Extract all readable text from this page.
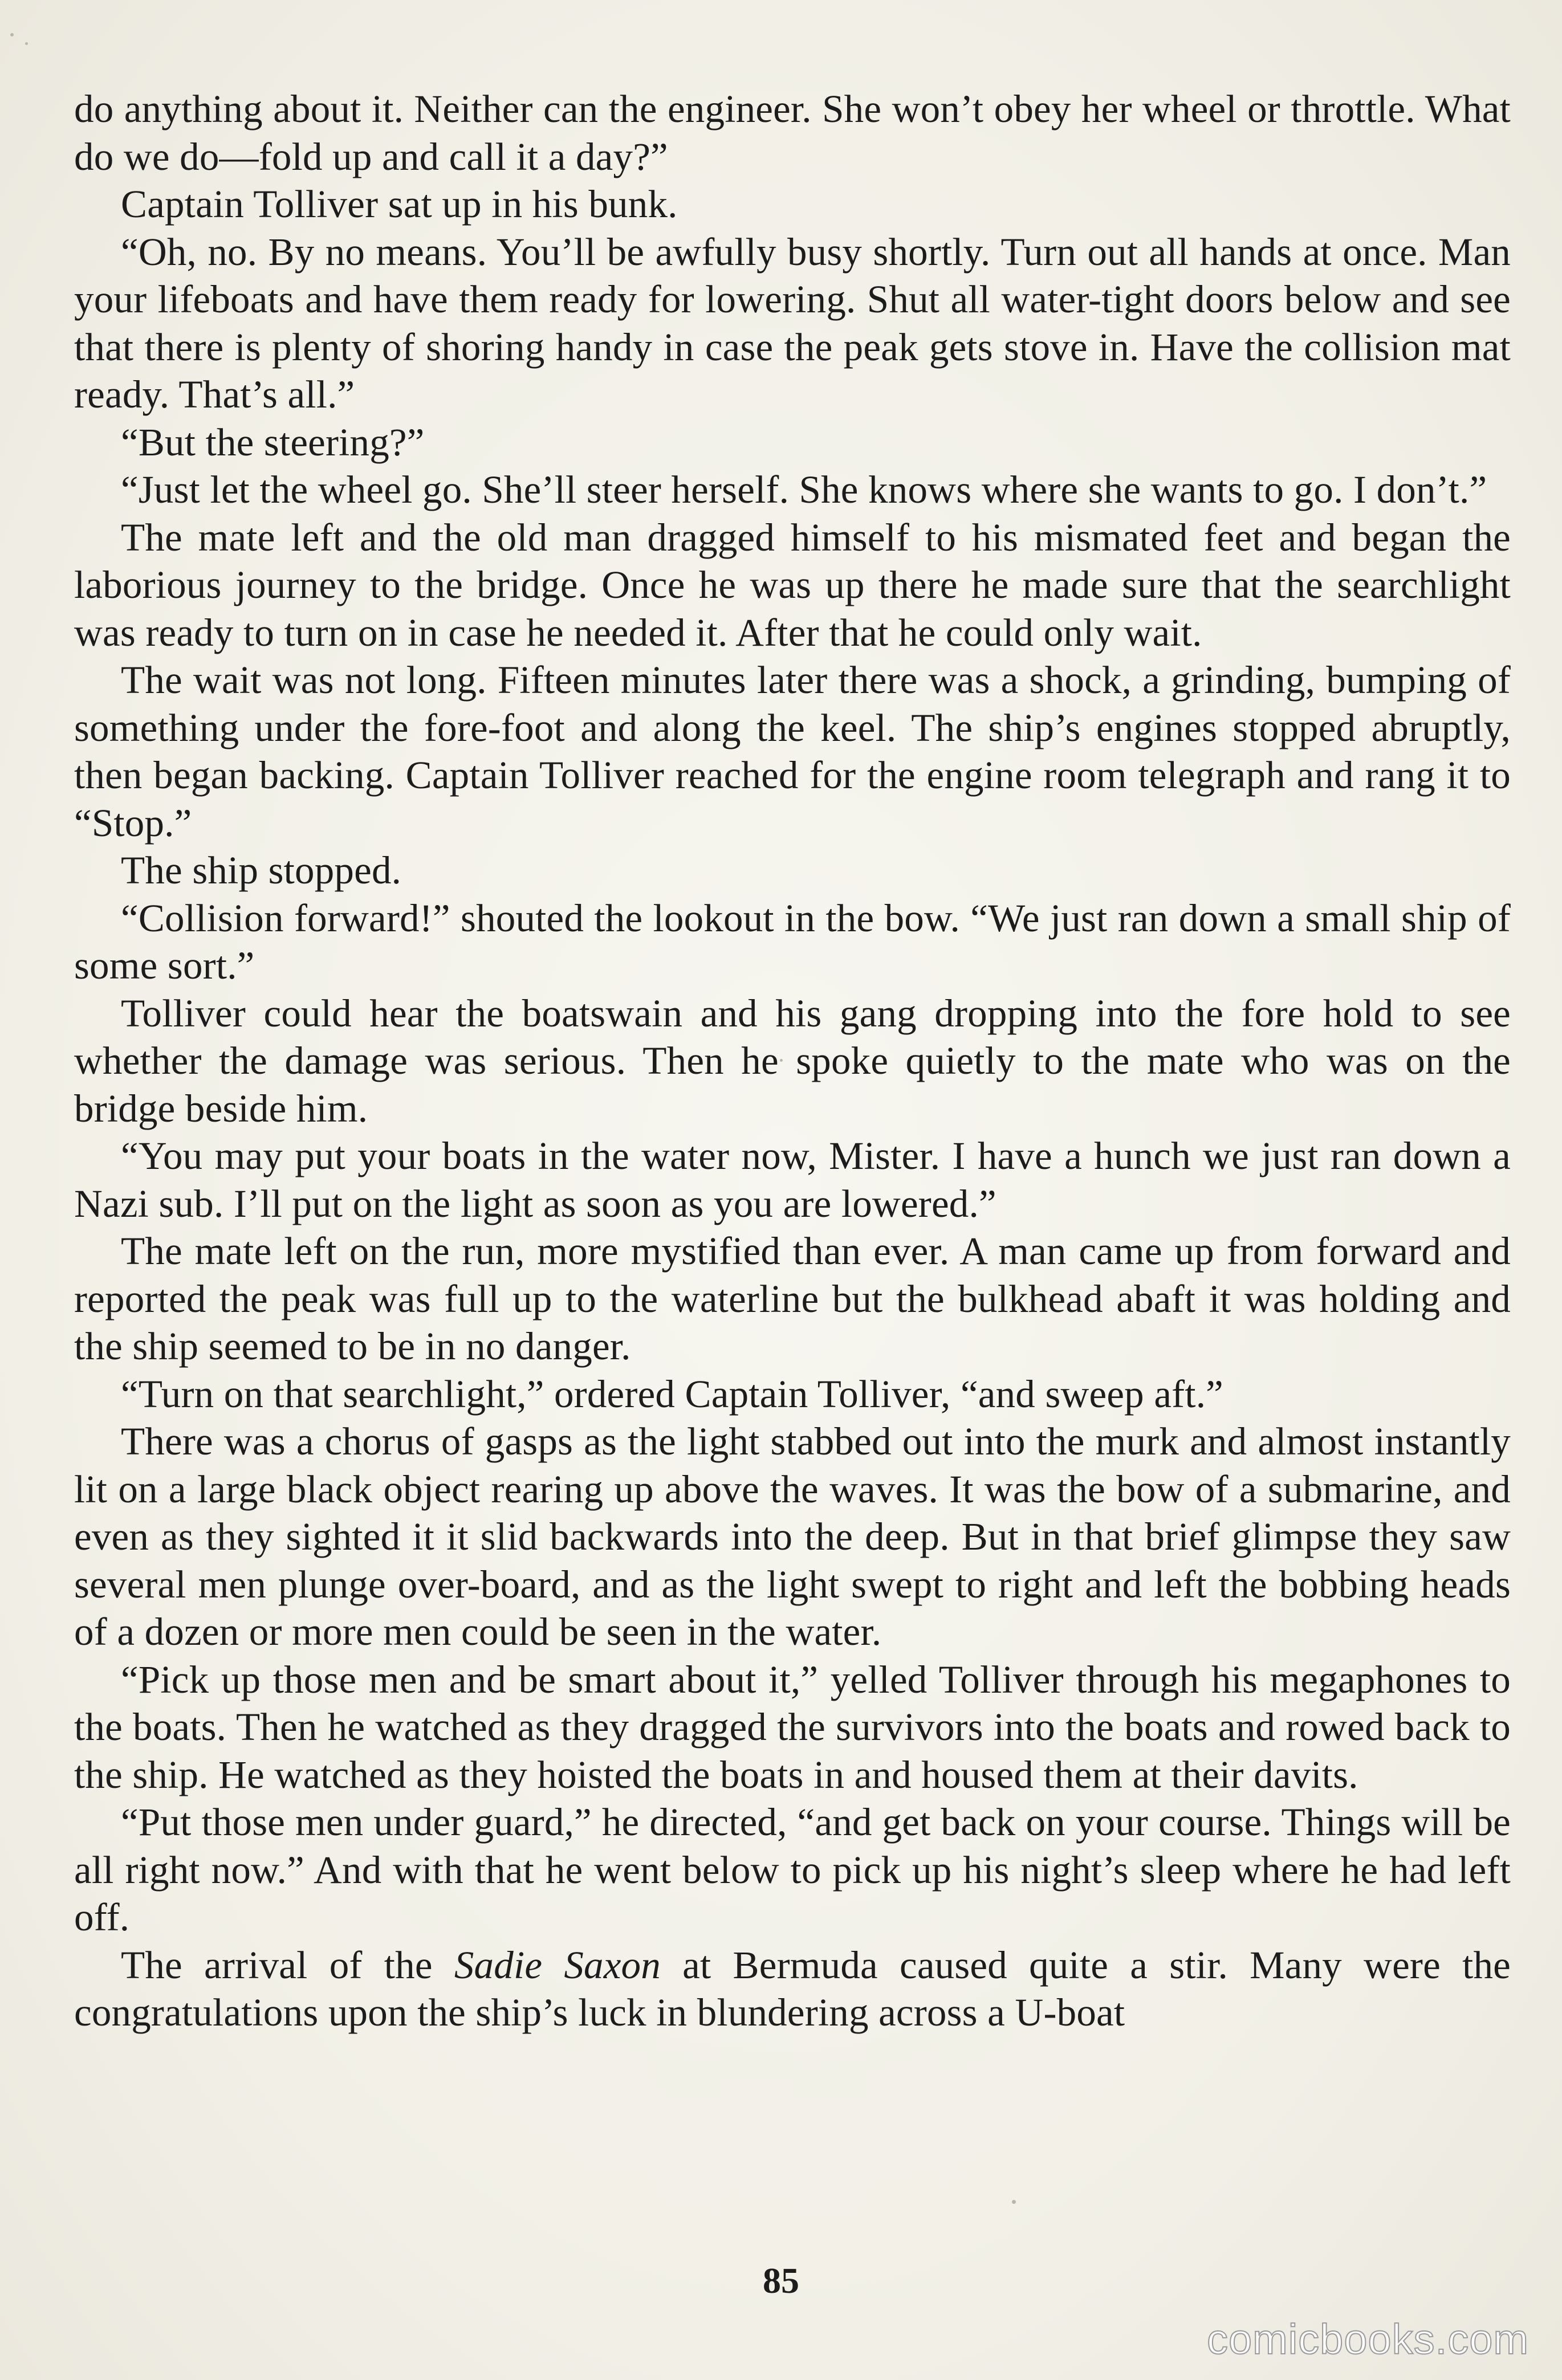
do anything about it. Neither can the engineer. She won’t obey her wheel or throttle. What do we do—fold up and call it a day?”

Captain Tolliver sat up in his bunk.

“Oh, no. By no means. You’ll be awfully busy shortly. Turn out all hands at once. Man your lifeboats and have them ready for lowering. Shut all water-tight doors below and see that there is plenty of shoring handy in case the peak gets stove in. Have the collision mat ready. That’s all.”

“But the steering?”

“Just let the wheel go. She’ll steer herself. She knows where she wants to go. I don’t.”

The mate left and the old man dragged himself to his mismated feet and began the laborious journey to the bridge. Once he was up there he made sure that the searchlight was ready to turn on in case he needed it. After that he could only wait.

The wait was not long. Fifteen minutes later there was a shock, a grinding, bumping of something under the fore-foot and along the keel. The ship’s engines stopped abruptly, then began backing. Captain Tolliver reached for the engine room telegraph and rang it to “Stop.”

The ship stopped.

“Collision forward!” shouted the lookout in the bow. “We just ran down a small ship of some sort.”

Tolliver could hear the boatswain and his gang dropping into the fore hold to see whether the damage was serious. Then he spoke quietly to the mate who was on the bridge beside him.

“You may put your boats in the water now, Mister. I have a hunch we just ran down a Nazi sub. I’ll put on the light as soon as you are lowered.”

The mate left on the run, more mystified than ever. A man came up from forward and reported the peak was full up to the waterline but the bulkhead abaft it was holding and the ship seemed to be in no danger.

“Turn on that searchlight,” ordered Captain Tolliver, “and sweep aft.”

There was a chorus of gasps as the light stabbed out into the murk and almost instantly lit on a large black object rearing up above the waves. It was the bow of a submarine, and even as they sighted it it slid backwards into the deep. But in that brief glimpse they saw several men plunge over-board, and as the light swept to right and left the bobbing heads of a dozen or more men could be seen in the water.

“Pick up those men and be smart about it,” yelled Tolliver through his megaphones to the boats. Then he watched as they dragged the survivors into the boats and rowed back to the ship. He watched as they hoisted the boats in and housed them at their davits.

“Put those men under guard,” he directed, “and get back on your course. Things will be all right now.” And with that he went below to pick up his night’s sleep where he had left off.

The arrival of the Sadie Saxon at Bermuda caused quite a stir. Many were the congratulations upon the ship’s luck in blundering across a U-boat

85
comicbooks.com
